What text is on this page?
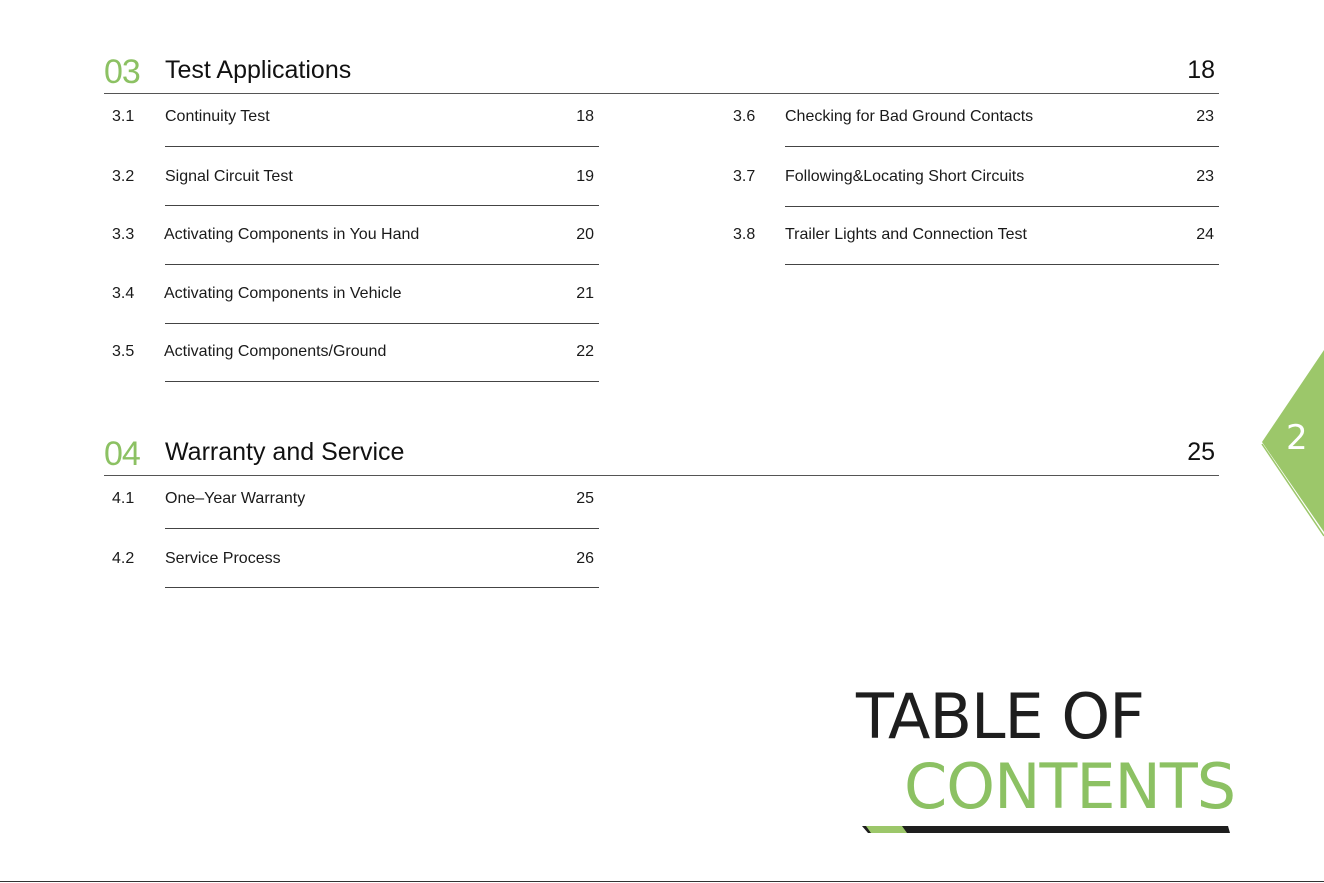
03 Test Applications	18
3.1 Continuity Test	18
3.2 Signal Circuit Test	19
3.3 Activating Components in You Hand	20
3.4 Activating Components in Vehicle	21
3.5 Activating Components/Ground	22
3.6 Checking for Bad Ground Contacts	23
3.7 Following&Locating Short Circuits	23
3.8 Trailer Lights and Connection Test	24
04 Warranty and Service	25
4.1 One–Year Warranty	25
4.2 Service Process	26
2
TABLE OF
CONTENTS
